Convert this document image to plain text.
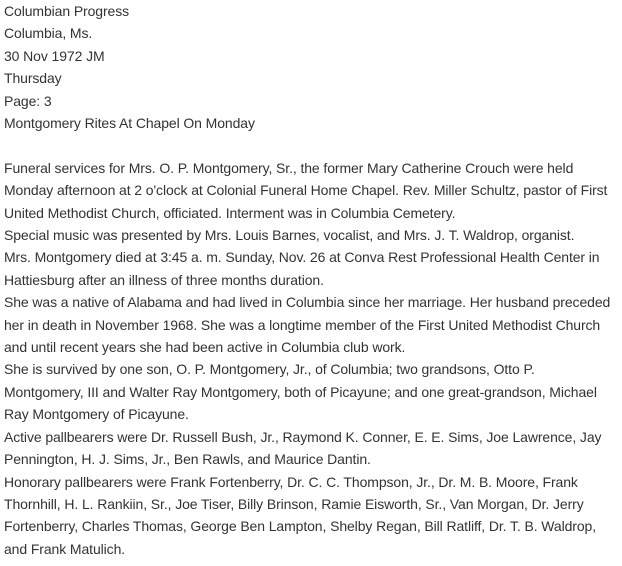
Columbian Progress
Columbia, Ms.
30 Nov 1972 JM
Thursday
Page: 3
Montgomery Rites At Chapel On Monday
Funeral services for Mrs. O. P. Montgomery, Sr., the former Mary Catherine Crouch were held
Monday afternoon at 2 o'clock at Colonial Funeral Home Chapel. Rev. Miller Schultz, pastor of First
United Methodist Church, officiated. Interment was in Columbia Cemetery.
Special music was presented by Mrs. Louis Barnes, vocalist, and Mrs. J. T. Waldrop, organist.
Mrs. Montgomery died at 3:45 a. m. Sunday, Nov. 26 at Conva Rest Professional Health Center in
Hattiesburg after an illness of three months duration.
She was a native of Alabama and had lived in Columbia since her marriage. Her husband preceded
her in death in November 1968. She was a longtime member of the First United Methodist Church
and until recent years she had been active in Columbia club work.
She is survived by one son, O. P. Montgomery, Jr., of Columbia; two grandsons, Otto P.
Montgomery, III and Walter Ray Montgomery, both of Picayune; and one great-grandson, Michael
Ray Montgomery of Picayune.
Active pallbearers were Dr. Russell Bush, Jr., Raymond K. Conner, E. E. Sims, Joe Lawrence, Jay
Pennington, H. J. Sims, Jr., Ben Rawls, and Maurice Dantin.
Honorary pallbearers were Frank Fortenberry, Dr. C. C. Thompson, Jr., Dr. M. B. Moore, Frank
Thornhill, H. L. Rankiin, Sr., Joe Tiser, Billy Brinson, Ramie Eisworth, Sr., Van Morgan, Dr. Jerry
Fortenberry, Charles Thomas, George Ben Lampton, Shelby Regan, Bill Ratliff, Dr. T. B. Waldrop,
and Frank Matulich.
